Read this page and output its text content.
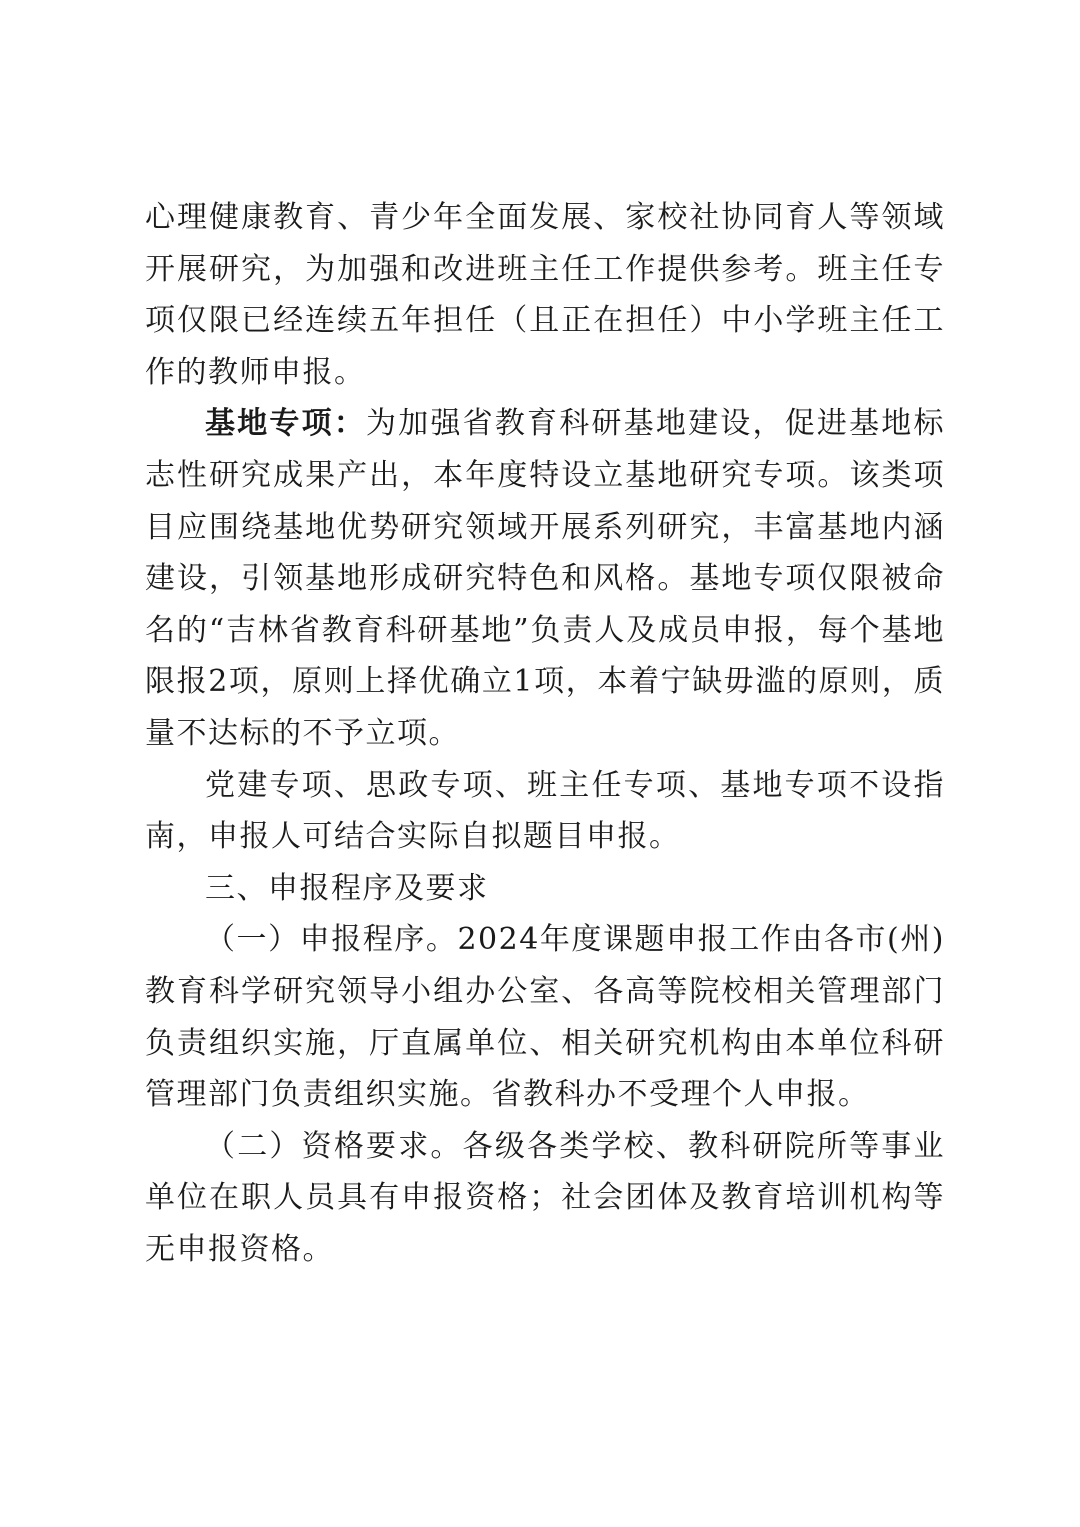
心理健康教育、青少年全面发展、家校社协同育人等领域开展研究，为加强和改进班主任工作提供参考。班主任专项仅限已经连续五年担任（且正在担任）中小学班主任工作的教师申报。

基地专项：为加强省教育科研基地建设，促进基地标志性研究成果产出，本年度特设立基地研究专项。该类项目应围绕基地优势研究领域开展系列研究，丰富基地内涵建设，引领基地形成研究特色和风格。基地专项仅限被命名的“吉林省教育科研基地”负责人及成员申报，每个基地限报2项，原则上择优确立1项，本着宁缺毋滥的原则，质量不达标的不予立项。

党建专项、思政专项、班主任专项、基地专项不设指南，申报人可结合实际自拟题目申报。

三、申报程序及要求

（一）申报程序。2024年度课题申报工作由各市(州)教育科学研究领导小组办公室、各高等院校相关管理部门负责组织实施，厅直属单位、相关研究机构由本单位科研管理部门负责组织实施。省教科办不受理个人申报。

（二）资格要求。各级各类学校、教科研院所等事业单位在职人员具有申报资格；社会团体及教育培训机构等无申报资格。
